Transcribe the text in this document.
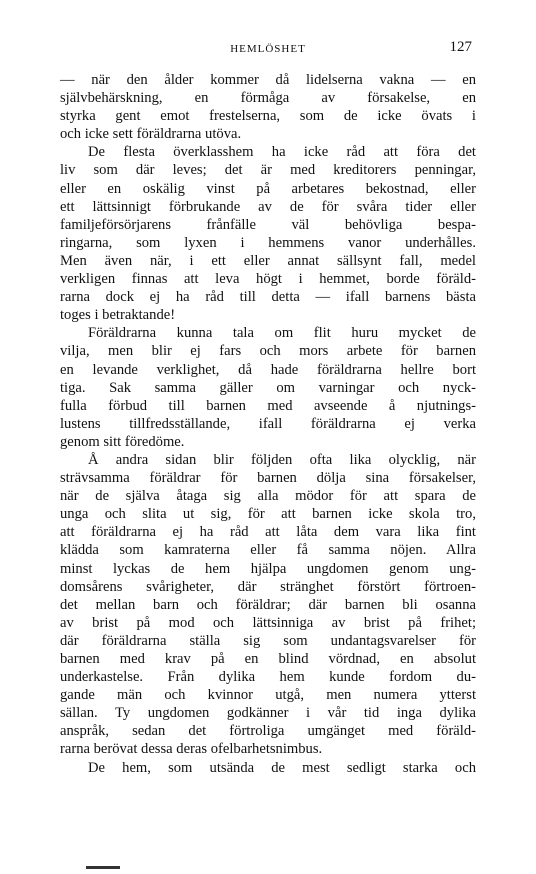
HEMLÖSHET	127
— när den ålder kommer då lidelserna vakna — en
självbehärskning, en förmåga av försakelse, en
styrka gent emot frestelserna, som de icke övats i
och icke sett föräldrarna utöva.
De flesta överklasshem ha icke råd att föra det
liv som där leves; det är med kreditorers penningar,
eller en oskälig vinst på arbetares bekostnad, eller
ett lättsinnigt förbrukande av de för svåra tider eller
familjeförsörjarens frånfälle väl behövliga bespa-
ringarna, som lyxen i hemmens vanor underhålles.
Men även när, i ett eller annat sällsynt fall, medel
verkligen finnas att leva högt i hemmet, borde föräld-
rarna dock ej ha råd till detta — ifall barnens bästa
toges i betraktande!
Föräldrarna kunna tala om flit huru mycket de
vilja, men blir ej fars och mors arbete för barnen
en levande verklighet, då hade föräldrarna hellre bort
tiga. Sak samma gäller om varningar och nyck-
fulla förbud till barnen med avseende å njutnings-
lustens tillfredsställande, ifall föräldrarna ej verka
genom sitt föredöme.
Å andra sidan blir följden ofta lika olycklig, när
strävsamma föräldrar för barnen dölja sina försakelser,
när de själva åtaga sig alla mödor för att spara de
unga och slita ut sig, för att barnen icke skola tro,
att föräldrarna ej ha råd att låta dem vara lika fint
klädda som kamraterna eller få samma nöjen. Allra
minst lyckas de hem hjälpa ungdomen genom ung-
domsårens svårigheter, där stränghet förstört förtroen-
det mellan barn och föräldrar; där barnen bli osanna
av brist på mod och lättsinniga av brist på frihet;
där föräldrarna ställa sig som undantagsvarelser för
barnen med krav på en blind vördnad, en absolut
underkastelse. Från dylika hem kunde fordom du-
gande män och kvinnor utgå, men numera ytterst
sällan. Ty ungdomen godkänner i vår tid inga dylika
anspråk, sedan det förtroliga umgänget med föräld-
rarna berövat dessa deras ofelbarhetsnimbus.
De hem, som utsända de mest sedligt starka och
